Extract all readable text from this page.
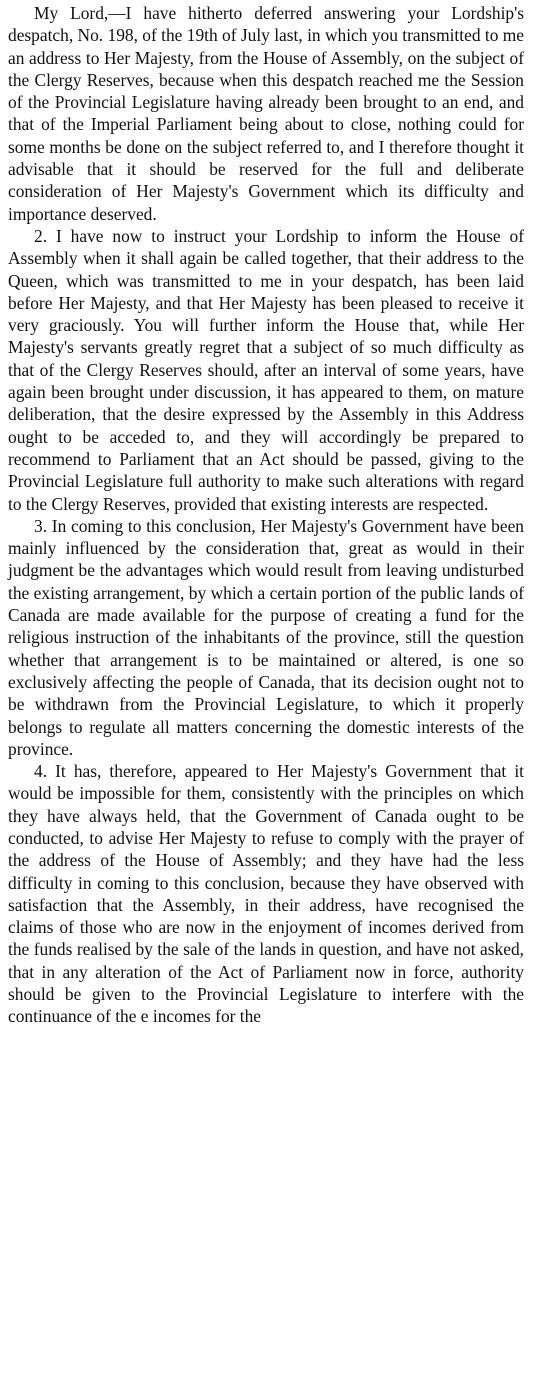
My Lord,—I have hitherto deferred answering your Lordship's despatch, No. 198, of the 19th of July last, in which you transmitted to me an address to Her Majesty, from the House of Assembly, on the subject of the Clergy Reserves, because when this despatch reached me the Session of the Provincial Legislature having already been brought to an end, and that of the Imperial Parliament being about to close, nothing could for some months be done on the subject referred to, and I therefore thought it advisable that it should be reserved for the full and deliberate consideration of Her Majesty's Government which its difficulty and importance deserved.

2. I have now to instruct your Lordship to inform the House of Assembly when it shall again be called together, that their address to the Queen, which was transmitted to me in your despatch, has been laid before Her Majesty, and that Her Majesty has been pleased to receive it very graciously. You will further inform the House that, while Her Majesty's servants greatly regret that a subject of so much difficulty as that of the Clergy Reserves should, after an interval of some years, have again been brought under discussion, it has appeared to them, on mature deliberation, that the desire expressed by the Assembly in this Address ought to be acceded to, and they will accordingly be prepared to recommend to Parliament that an Act should be passed, giving to the Provincial Legislature full authority to make such alterations with regard to the Clergy Reserves, provided that existing interests are respected.

3. In coming to this conclusion, Her Majesty's Government have been mainly influenced by the consideration that, great as would in their judgment be the advantages which would result from leaving undisturbed the existing arrangement, by which a certain portion of the public lands of Canada are made available for the purpose of creating a fund for the religious instruction of the inhabitants of the province, still the question whether that arrangement is to be maintained or altered, is one so exclusively affecting the people of Canada, that its decision ought not to be withdrawn from the Provincial Legislature, to which it properly belongs to regulate all matters concerning the domestic interests of the province.

4. It has, therefore, appeared to Her Majesty's Government that it would be impossible for them, consistently with the principles on which they have always held, that the Government of Canada ought to be conducted, to advise Her Majesty to refuse to comply with the prayer of the address of the House of Assembly; and they have had the less difficulty in coming to this conclusion, because they have observed with satisfaction that the Assembly, in their address, have recognised the claims of those who are now in the enjoyment of incomes derived from the funds realised by the sale of the lands in question, and have not asked, that in any alteration of the Act of Parliament now in force, authority should be given to the Provincial Legislature to interfere with the continuance of the e incomes for the
